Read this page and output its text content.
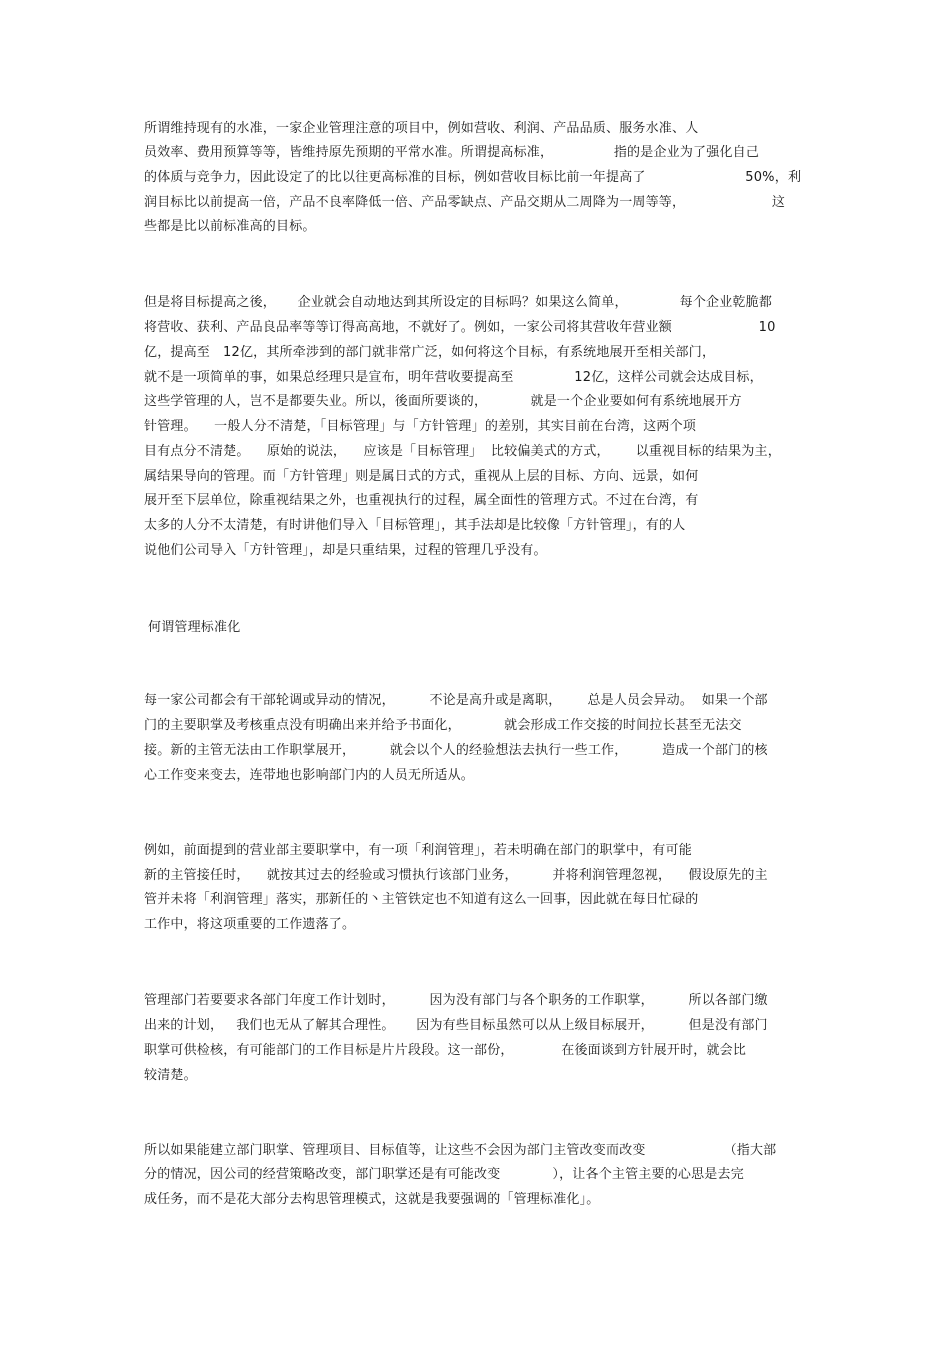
所谓维持现有的水准，一家企业管理注意的项目中，例如营收、利润、产品品质、服务水准、人
员效率、费用预算等等，皆维持原先预期的平常水准。所谓提高标准，              指的是企业为了强化自己
的体质与竞争力，因此设定了的比以往更高标准的目标，例如营收目标比前一年提高了                       50%，利
润目标比以前提高一倍，产品不良率降低一倍、产品零缺点、产品交期从二周降为一周等等，                    这
些都是比以前标准高的目标。
但是将目标提高之後，     企业就会自动地达到其所设定的目标吗？如果这么简单，            每个企业乾脆都
将营收、获利、产品良品率等等订得高高地，不就好了。例如，一家公司将其营收年营业额                    10
亿，提高至   12亿，其所牵涉到的部门就非常广泛，如何将这个目标，有系统地展开至相关部门，
就不是一项简单的事，如果总经理只是宣布，明年营收要提高至              12亿，这样公司就会达成目标，
这些学管理的人，岂不是都要失业。所以，後面所要谈的，          就是一个企业要如何有系统地展开方
针管理。    一般人分不清楚，「目标管理」与「方针管理」的差别，其实目前在台湾，这两个项
目有点分不清楚。    原始的说法，    应该是「目标管理」  比较偏美式的方式，      以重视目标的结果为主，
属结果导向的管理。而「方针管理」则是属日式的方式，重视从上层的目标、方向、远景，如何
展开至下层单位，除重视结果之外，也重视执行的过程，属全面性的管理方式。不过在台湾，有
太多的人分不太清楚，有时讲他们导入「目标管理」，其手法却是比较像「方针管理」，有的人
说他们公司导入「方针管理」，却是只重结果，过程的管理几乎没有。
何谓管理标准化
每一家公司都会有干部轮调或异动的情况，        不论是高升或是离职，      总是人员会异动。  如果一个部
门的主要职掌及考核重点没有明确出来并给予书面化，          就会形成工作交接的时间拉长甚至无法交
接。新的主管无法由工作职掌展开，        就会以个人的经验想法去执行一些工作，        造成一个部门的核
心工作变来变去，连带地也影响部门内的人员无所适从。
例如，前面提到的营业部主要职掌中，有一项「利润管理」，若未明确在部门的职掌中，有可能
新的主管接任时，    就按其过去的经验或习惯执行该部门业务，        并将利润管理忽视，    假设原先的主
管并未将「利润管理」落实，那新任的丶主管铁定也不知道有这么一回事，因此就在每日忙碌的
工作中，将这项重要的工作遗落了。
管理部门若要要求各部门年度工作计划时，        因为没有部门与各个职务的工作职掌，        所以各部门缴
出来的计划，   我们也无从了解其合理性。     因为有些目标虽然可以从上级目标展开，        但是没有部门
职掌可供检核，有可能部门的工作目标是片片段段。这一部份，           在後面谈到方针展开时，就会比
较清楚。
所以如果能建立部门职掌、管理项目、目标值等，让这些不会因为部门主管改变而改变                  （指大部
分的情况，因公司的经营策略改变，部门职掌还是有可能改变            ），让各个主管主要的心思是去完
成任务，而不是花大部分去构思管理模式，这就是我要强调的「管理标准化」。
